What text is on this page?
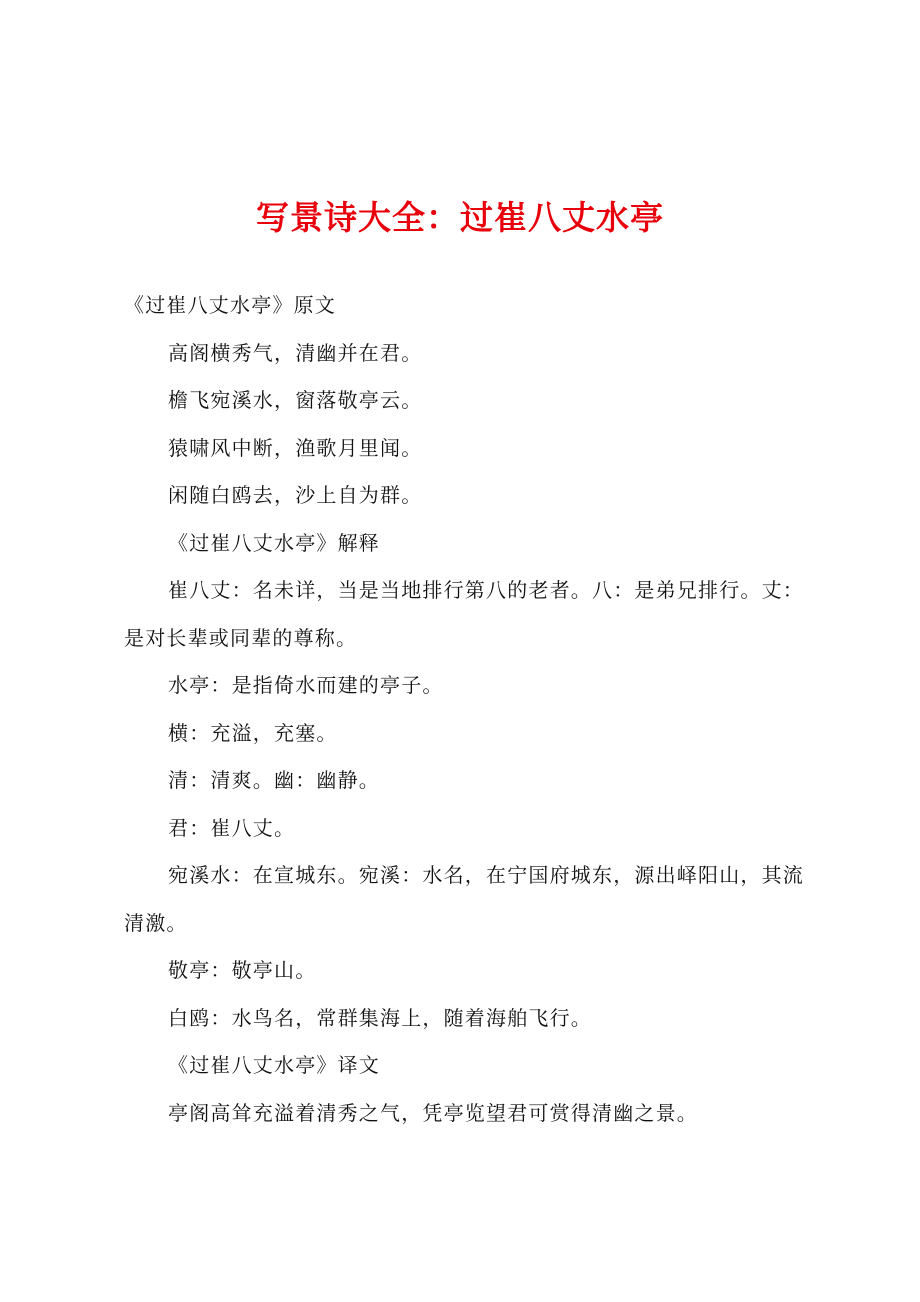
写景诗大全：过崔八丈水亭

《过崔八丈水亭》原文

高阁横秀气，清幽并在君。

檐飞宛溪水，窗落敬亭云。

猿啸风中断，渔歌月里闻。

闲随白鸥去，沙上自为群。

《过崔八丈水亭》解释

崔八丈：名未详，当是当地排行第八的老者。八：是弟兄排行。丈：是对长辈或同辈的尊称。

水亭：是指倚水而建的亭子。

横：充溢，充塞。

清：清爽。幽：幽静。

君：崔八丈。

宛溪水：在宣城东。宛溪：水名，在宁国府城东，源出峄阳山，其流清激。

敬亭：敬亭山。

白鸥：水鸟名，常群集海上，随着海舶飞行。

《过崔八丈水亭》译文

亭阁高耸充溢着清秀之气，凭亭览望君可赏得清幽之景。
